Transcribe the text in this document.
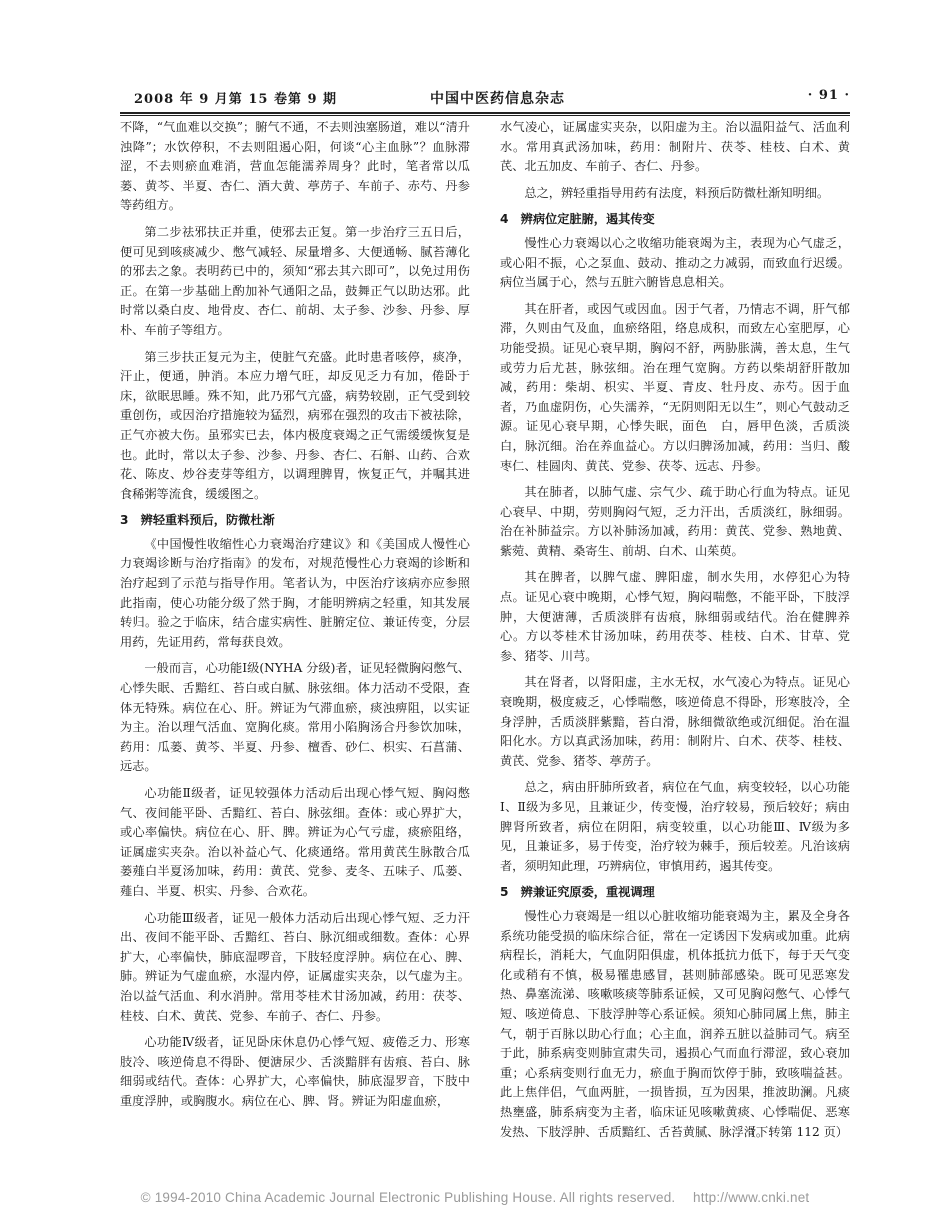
2008 年 9 月第 15 卷第 9 期	中国中医药信息杂志	· 91 ·

不降，“气血难以交换”；腑气不通，不去则浊塞肠道，难以“清升浊降”；水饮停积，不去则阻遏心阳，何谈“心主血脉”？血脉滞涩，不去则瘀血难消，营血怎能濡养周身？此时，笔者常以瓜蒌、黄芩、半夏、杏仁、酒大黄、葶苈子、车前子、赤芍、丹参等药组方。

第二步祛邪扶正并重，使邪去正复。第一步治疗三五日后，便可见到咳痰减少、憋气减轻、尿量增多、大便通畅、腻苔薄化的邪去之象。表明药已中的，须知“邪去其六即可”，以免过用伤正。在第一步基础上酌加补气通阳之品，鼓舞正气以助达邪。此时常以桑白皮、地骨皮、杏仁、前胡、太子参、沙参、丹参、厚朴、车前子等组方。

第三步扶正复元为主，使脏气充盛。此时患者咳停，痰净，汗止，便通，肿消。本应力增气旺，却反见乏力有加，倦卧于床，欲眠思睡。殊不知，此乃邪气亢盛，病势较剧，正气受到较重创伤，或因治疗措施较为猛烈，病邪在强烈的攻击下被祛除，正气亦被大伤。虽邪实已去，体内极度衰竭之正气需缓缓恢复是也。此时，常以太子参、沙参、丹参、杏仁、石斛、山药、合欢花、陈皮、炒谷麦芽等组方，以调理脾胃，恢复正气，并嘱其进食稀粥等流食，缓缓图之。

3　辨轻重料预后，防微杜渐

《中国慢性收缩性心力衰竭治疗建议》和《美国成人慢性心力衰竭诊断与治疗指南》的发布，对规范慢性心力衰竭的诊断和治疗起到了示范与指导作用。笔者认为，中医治疗该病亦应参照此指南，使心功能分级了然于胸，才能明辨病之轻重，知其发展转归。验之于临床，结合虚实病性、脏腑定位、兼证传变，分层用药，先证用药，常每获良效。

一般而言，心功能Ⅰ级(NYHA 分级)者，证见轻微胸闷憋气、心悸失眠、舌黯红、苔白或白腻、脉弦细。体力活动不受限，查体无特殊。病位在心、肝。辨证为气滞血瘀，痰浊痹阻，以实证为主。治以理气活血、宽胸化痰。常用小陷胸汤合丹参饮加味，药用：瓜蒌、黄芩、半夏、丹参、檀香、砂仁、枳实、石菖蒲、远志。

心功能Ⅱ级者，证见较强体力活动后出现心悸气短、胸闷憋气、夜间能平卧、舌黯红、苔白、脉弦细。查体：或心界扩大，或心率偏快。病位在心、肝、脾。辨证为心气亏虚，痰瘀阻络，证属虚实夹杂。治以补益心气、化痰通络。常用黄芪生脉散合瓜蒌薤白半夏汤加味，药用：黄芪、党参、麦冬、五味子、瓜蒌、薤白、半夏、枳实、丹参、合欢花。

心功能Ⅲ级者，证见一般体力活动后出现心悸气短、乏力汗出、夜间不能平卧、舌黯红、苔白、脉沉细或细数。查体：心界扩大，心率偏快，肺底湿啰音，下肢轻度浮肿。病位在心、脾、肺。辨证为气虚血瘀，水湿内停，证属虚实夹杂，以气虚为主。治以益气活血、利水消肿。常用苓桂术甘汤加减，药用：茯苓、桂枝、白术、黄芪、党参、车前子、杏仁、丹参。

心功能Ⅳ级者，证见卧床休息仍心悸气短、疲倦乏力、形寒肢冷、咳逆倚息不得卧、便溏尿少、舌淡黯胖有齿痕、苔白、脉细弱或结代。查体：心界扩大，心率偏快，肺底湿罗音，下肢中重度浮肿，或胸腹水。病位在心、脾、肾。辨证为阳虚血瘀，

水气凌心，证属虚实夹杂，以阳虚为主。治以温阳益气、活血利水。常用真武汤加味，药用：制附片、茯苓、桂枝、白术、黄芪、北五加皮、车前子、杏仁、丹参。

总之，辨轻重指导用药有法度，料预后防微杜渐知明细。

4　辨病位定脏腑，遏其传变

慢性心力衰竭以心之收缩功能衰竭为主，表现为心气虚乏，或心阳不振，心之泵血、鼓动、推动之力减弱，而致血行迟缓。病位当属于心，然与五脏六腑皆息息相关。

其在肝者，或因气或因血。因于气者，乃情志不调，肝气郁滞，久则由气及血，血瘀络阻，络息成积，而致左心室肥厚，心功能受损。证见心衰早期，胸闷不舒，两胁胀满，善太息，生气或劳力后尤甚，脉弦细。治在理气宽胸。方药以柴胡舒肝散加减，药用：柴胡、枳实、半夏、青皮、牡丹皮、赤芍。因于血者，乃血虚阴伤，心失濡养，“无阴则阳无以生”，则心气鼓动乏源。证见心衰早期，心悸失眠，面色　白，唇甲色淡，舌质淡白，脉沉细。治在养血益心。方以归脾汤加减，药用：当归、酸枣仁、桂圆肉、黄芪、党参、茯苓、远志、丹参。

其在肺者，以肺气虚、宗气少、疏于助心行血为特点。证见心衰早、中期，劳则胸闷气短，乏力汗出，舌质淡红，脉细弱。治在补肺益宗。方以补肺汤加减，药用：黄芪、党参、熟地黄、紫菀、黄精、桑寄生、前胡、白术、山茱萸。

其在脾者，以脾气虚、脾阳虚，制水失用，水停犯心为特点。证见心衰中晚期，心悸气短，胸闷喘憋，不能平卧，下肢浮肿，大便溏薄，舌质淡胖有齿痕，脉细弱或结代。治在健脾养心。方以苓桂术甘汤加味，药用茯苓、桂枝、白术、甘草、党参、猪苓、川芎。

其在肾者，以肾阳虚，主水无权，水气凌心为特点。证见心衰晚期，极度疲乏，心悸喘憋，咳逆倚息不得卧，形寒肢冷，全身浮肿，舌质淡胖紫黯，苔白滑，脉细微欲绝或沉细促。治在温阳化水。方以真武汤加味，药用：制附片、白术、茯苓、桂枝、黄芪、党参、猪苓、葶苈子。

总之，病由肝肺所致者，病位在气血，病变较轻，以心功能Ⅰ、Ⅱ级为多见，且兼证少，传变慢，治疗较易，预后较好；病由脾肾所致者，病位在阴阳，病变较重，以心功能Ⅲ、Ⅳ级为多见，且兼证多，易于传变，治疗较为棘手，预后较差。凡治该病者，须明知此理，巧辨病位，审慎用药，遏其传变。

5　辨兼证究原委，重视调理

慢性心力衰竭是一组以心脏收缩功能衰竭为主，累及全身各系统功能受损的临床综合征，常在一定诱因下发病或加重。此病病程长，消耗大，气血阴阳俱虚，机体抵抗力低下，每于天气变化或稍有不慎，极易罹患感冒，甚则肺部感染。既可见恶寒发热、鼻塞流涕、咳嗽咳痰等肺系证候，又可见胸闷憋气、心悸气短、咳逆倚息、下肢浮肿等心系证候。须知心肺同属上焦，肺主气，朝于百脉以助心行血；心主血，润养五脏以益肺司气。病至于此，肺系病变则肺宣肃失司，遏损心气而血行滞涩，致心衰加重；心系病变则行血无力，瘀血于胸而饮停于肺，致咳喘益甚。此上焦伴侣，气血两脏，一损皆损，互为因果，推波助澜。凡痰热壅盛，肺系病变为主者，临床证见咳嗽黄痰、心悸喘促、恶寒发热、下肢浮肿、舌质黯红、舌苔黄腻、脉浮滑。

（下转第 112 页）

© 1994-2010 China Academic Journal Electronic Publishing House. All rights reserved.　 http://www.cnki.net
